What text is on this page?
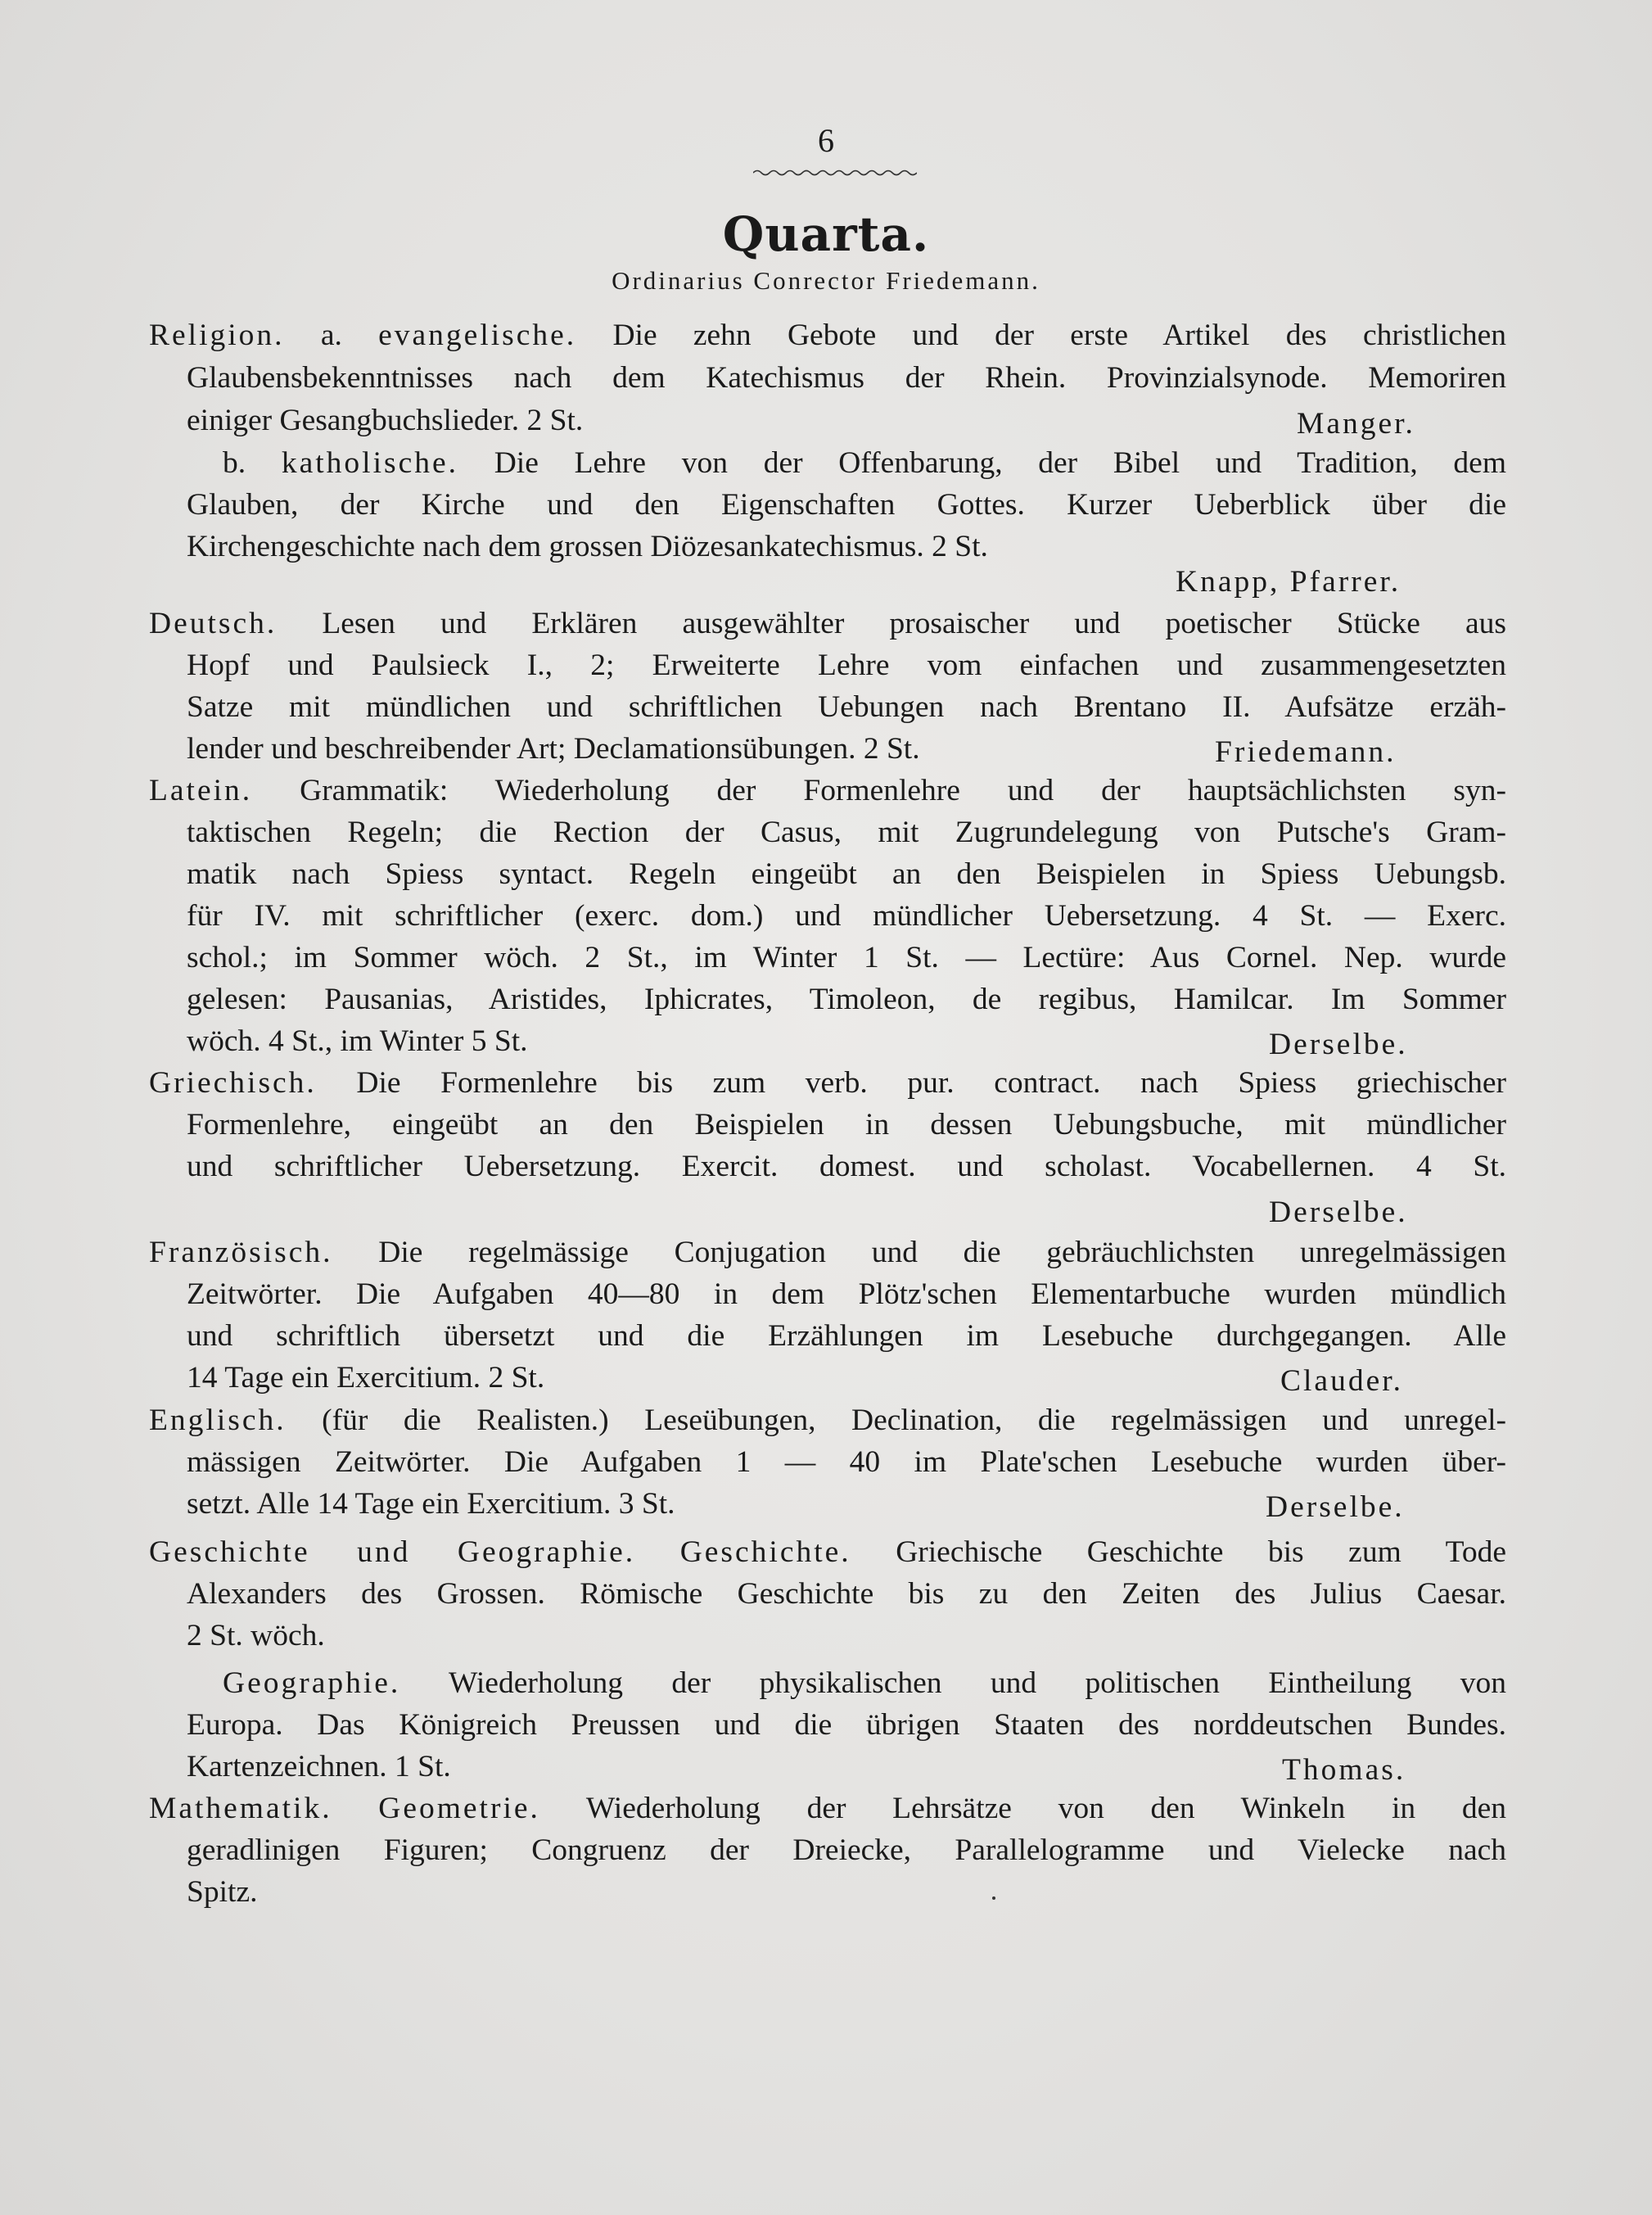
6
Quarta.
Ordinarius Conrector Friedemann.
Religion. a. evangelische. Die zehn Gebote und der erste Artikel des christlichen
Glaubensbekenntnisses nach dem Katechismus der Rhein. Provinzialsynode. Memoriren
einiger Gesangbuchslieder. 2 St.	Manger.
b. katholische. Die Lehre von der Offenbarung, der Bibel und Tradition, dem
Glauben, der Kirche und den Eigenschaften Gottes. Kurzer Ueberblick über die
Kirchengeschichte nach dem grossen Diözesankatechismus. 2 St.
Knapp, Pfarrer.
Deutsch. Lesen und Erklären ausgewählter prosaischer und poetischer Stücke aus
Hopf und Paulsieck I., 2; Erweiterte Lehre vom einfachen und zusammengesetzten
Satze mit mündlichen und schriftlichen Uebungen nach Brentano II. Aufsätze erzäh-
lender und beschreibender Art; Declamationsübungen. 2 St.	Friedemann.
Latein. Grammatik: Wiederholung der Formenlehre und der hauptsächlichsten syn-
taktischen Regeln; die Rection der Casus, mit Zugrundelegung von Putsche's Gram-
matik nach Spiess syntact. Regeln eingeübt an den Beispielen in Spiess Uebungsb.
für IV. mit schriftlicher (exerc. dom.) und mündlicher Uebersetzung. 4 St. — Exerc.
schol.; im Sommer wöch. 2 St., im Winter 1 St. — Lectüre: Aus Cornel. Nep. wurde
gelesen: Pausanias, Aristides, Iphicrates, Timoleon, de regibus, Hamilcar. Im Sommer
wöch. 4 St., im Winter 5 St.	Derselbe.
Griechisch. Die Formenlehre bis zum verb. pur. contract. nach Spiess griechischer
Formenlehre, eingeübt an den Beispielen in dessen Uebungsbuche, mit mündlicher
und schriftlicher Uebersetzung. Exercit. domest. und scholast. Vocabellernen. 4 St.
Derselbe.
Französisch. Die regelmässige Conjugation und die gebräuchlichsten unregelmässigen
Zeitwörter. Die Aufgaben 40—80 in dem Plötz'schen Elementarbuche wurden mündlich
und schriftlich übersetzt und die Erzählungen im Lesebuche durchgegangen. Alle
14 Tage ein Exercitium. 2 St.	Clauder.
Englisch. (für die Realisten.) Leseübungen, Declination, die regelmässigen und unregel-
mässigen Zeitwörter. Die Aufgaben 1 — 40 im Plate'schen Lesebuche wurden über-
setzt. Alle 14 Tage ein Exercitium. 3 St.	Derselbe.
Geschichte und Geographie. Geschichte. Griechische Geschichte bis zum Tode
Alexanders des Grossen. Römische Geschichte bis zu den Zeiten des Julius Caesar.
2 St. wöch.
Geographie. Wiederholung der physikalischen und politischen Eintheilung von
Europa. Das Königreich Preussen und die übrigen Staaten des norddeutschen Bundes.
Kartenzeichnen. 1 St.	Thomas.
Mathematik. Geometrie. Wiederholung der Lehrsätze von den Winkeln in den
geradlinigen Figuren; Congruenz der Dreiecke, Parallelogramme und Vielecke nach
Spitz.
